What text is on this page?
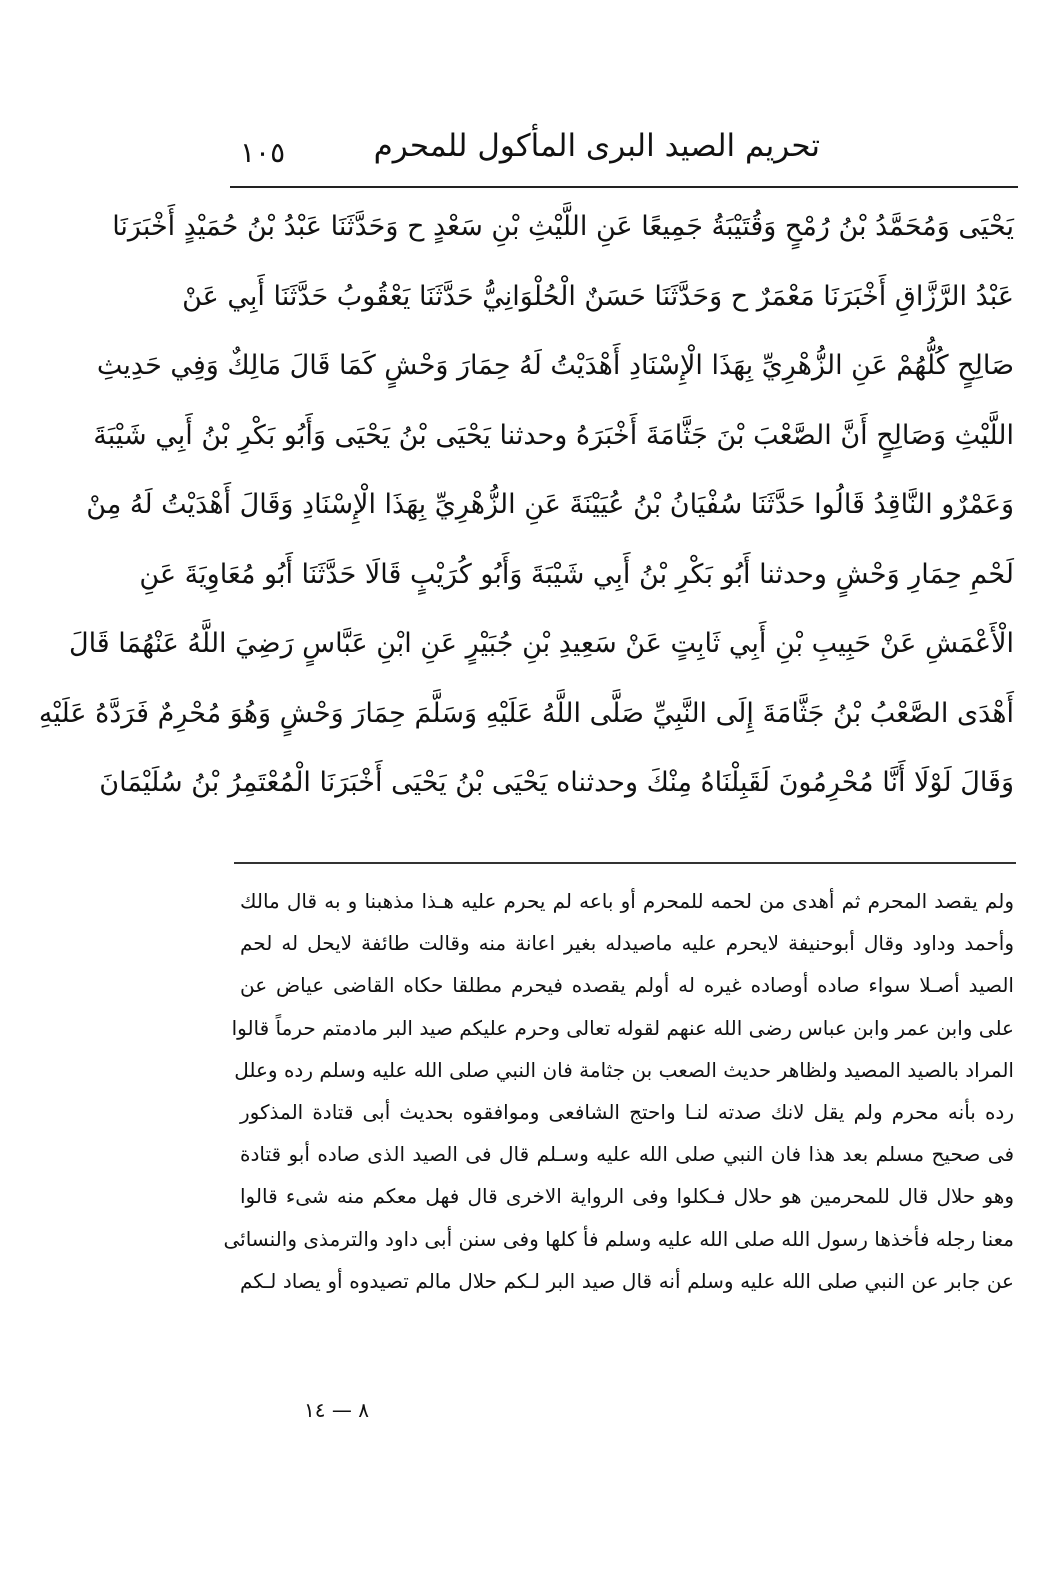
تحريم الصيد البرى المأكول للمحرم
١٠٥
يَحْيَى وَمُحَمَّدُ بْنُ رُمْحٍ وَقُتَيْبَةُ جَمِيعًا عَنِ اللَّيْثِ بْنِ سَعْدٍ ح وَحَدَّثَنَا عَبْدُ بْنُ حُمَيْدٍ أَخْبَرَنَا
عَبْدُ الرَّزَّاقِ أَخْبَرَنَا مَعْمَرٌ ح وَحَدَّثَنَا حَسَنٌ الْحُلْوَانِيُّ حَدَّثَنَا يَعْقُوبُ حَدَّثَنَا أَبِي عَنْ
صَالِحٍ كُلُّهُمْ عَنِ الزُّهْرِيِّ بِهَذَا الْإِسْنَادِ أَهْدَيْتُ لَهُ حِمَارَ وَحْشٍ كَمَا قَالَ مَالِكٌ وَفِي حَدِيثِ
اللَّيْثِ وَصَالِحٍ أَنَّ الصَّعْبَ بْنَ جَثَّامَةَ أَخْبَرَهُ وحدثنا يَحْيَى بْنُ يَحْيَى وَأَبُو بَكْرِ بْنُ أَبِي شَيْبَةَ
وَعَمْرٌو النَّاقِدُ قَالُوا حَدَّثَنَا سُفْيَانُ بْنُ عُيَيْنَةَ عَنِ الزُّهْرِيِّ بِهَذَا الْإِسْنَادِ وَقَالَ أَهْدَيْتُ لَهُ مِنْ
لَحْمِ حِمَارِ وَحْشٍ وحدثنا أَبُو بَكْرِ بْنُ أَبِي شَيْبَةَ وَأَبُو كُرَيْبٍ قَالَا حَدَّثَنَا أَبُو مُعَاوِيَةَ عَنِ
الْأَعْمَشِ عَنْ حَبِيبِ بْنِ أَبِي ثَابِتٍ عَنْ سَعِيدِ بْنِ جُبَيْرٍ عَنِ ابْنِ عَبَّاسٍ رَضِيَ اللَّهُ عَنْهُمَا قَالَ
أَهْدَى الصَّعْبُ بْنُ جَثَّامَةَ إِلَى النَّبِيِّ صَلَّى اللَّهُ عَلَيْهِ وَسَلَّمَ حِمَارَ وَحْشٍ وَهُوَ مُحْرِمٌ فَرَدَّهُ عَلَيْهِ
وَقَالَ لَوْلَا أَنَّا مُحْرِمُونَ لَقَبِلْنَاهُ مِنْكَ وحدثناه يَحْيَى بْنُ يَحْيَى أَخْبَرَنَا الْمُعْتَمِرُ بْنُ سُلَيْمَانَ
ولم يقصد المحرم ثم أهدى من لحمه للمحرم أو باعه لم يحرم عليه هـذا مذهبنا و به قال مالك
وأحمد وداود وقال أبوحنيفة لايحرم عليه ماصيدله بغير اعانة منه وقالت طائفة لايحل له لحم
الصيد أصـلا سواء صاده أوصاده غيره له أولم يقصده فيحرم مطلقا حكاه القاضى عياض عن
على وابن عمر وابن عباس رضى الله عنهم لقوله تعالى وحرم عليكم صيد البر مادمتم حرماً قالوا
المراد بالصيد المصيد ولظاهر حديث الصعب بن جثامة فان النبي صلى الله عليه وسلم رده وعلل
رده بأنه محرم ولم يقل لانك صدته لنـا واحتج الشافعى وموافقوه بحديث أبى قتادة المذكور
فى صحيح مسلم بعد هذا فان النبي صلى الله عليه وسـلم قال فى الصيد الذى صاده أبو قتادة
وهو حلال قال للمحرمين هو حلال فـكلوا وفى الرواية الاخرى قال فهل معكم منه شىء قالوا
معنا رجله فأخذها رسول الله صلى الله عليه وسلم فأ كلها وفى سنن أبى داود والترمذى والنسائى
عن جابر عن النبي صلى الله عليه وسلم أنه قال صيد البر لـكم حلال مالم تصيدوه أو يصاد لـكم
٨ — ١٤
